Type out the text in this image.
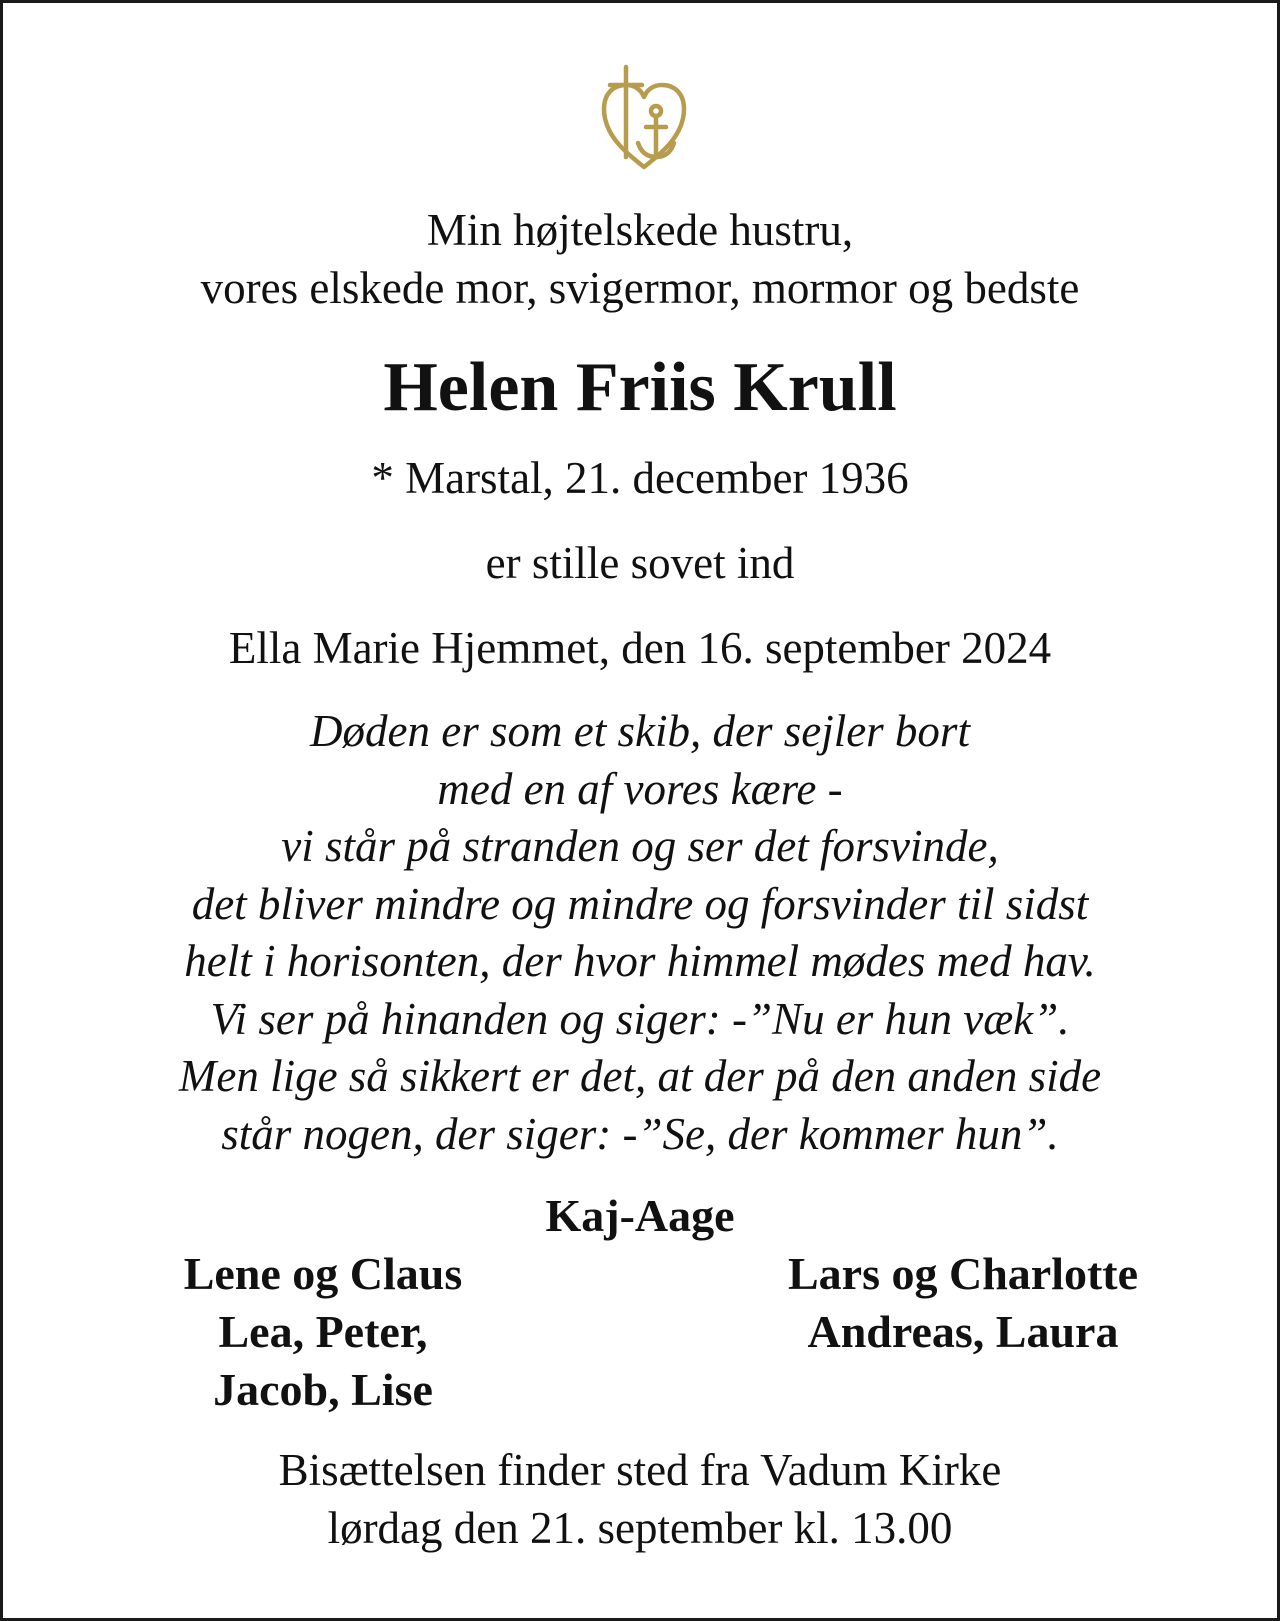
Min højtelskede hustru,
vores elskede mor, svigermor, mormor og bedste
Helen Friis Krull
* Marstal, 21. december 1936
er stille sovet ind
Ella Marie Hjemmet, den 16. september 2024
Døden er som et skib, der sejler bort
med en af vores kære -
vi står på stranden og ser det forsvinde,
det bliver mindre og mindre og forsvinder til sidst
helt i horisonten, der hvor himmel mødes med hav.
Vi ser på hinanden og siger: -”Nu er hun væk”.
Men lige så sikkert er det, at der på den anden side
står nogen, der siger: -”Se, der kommer hun”.
Kaj-Aage
Lene og Claus
Lea, Peter,
Jacob, Lise
Lars og Charlotte
Andreas, Laura
Bisættelsen finder sted fra Vadum Kirke
lørdag den 21. september kl. 13.00
